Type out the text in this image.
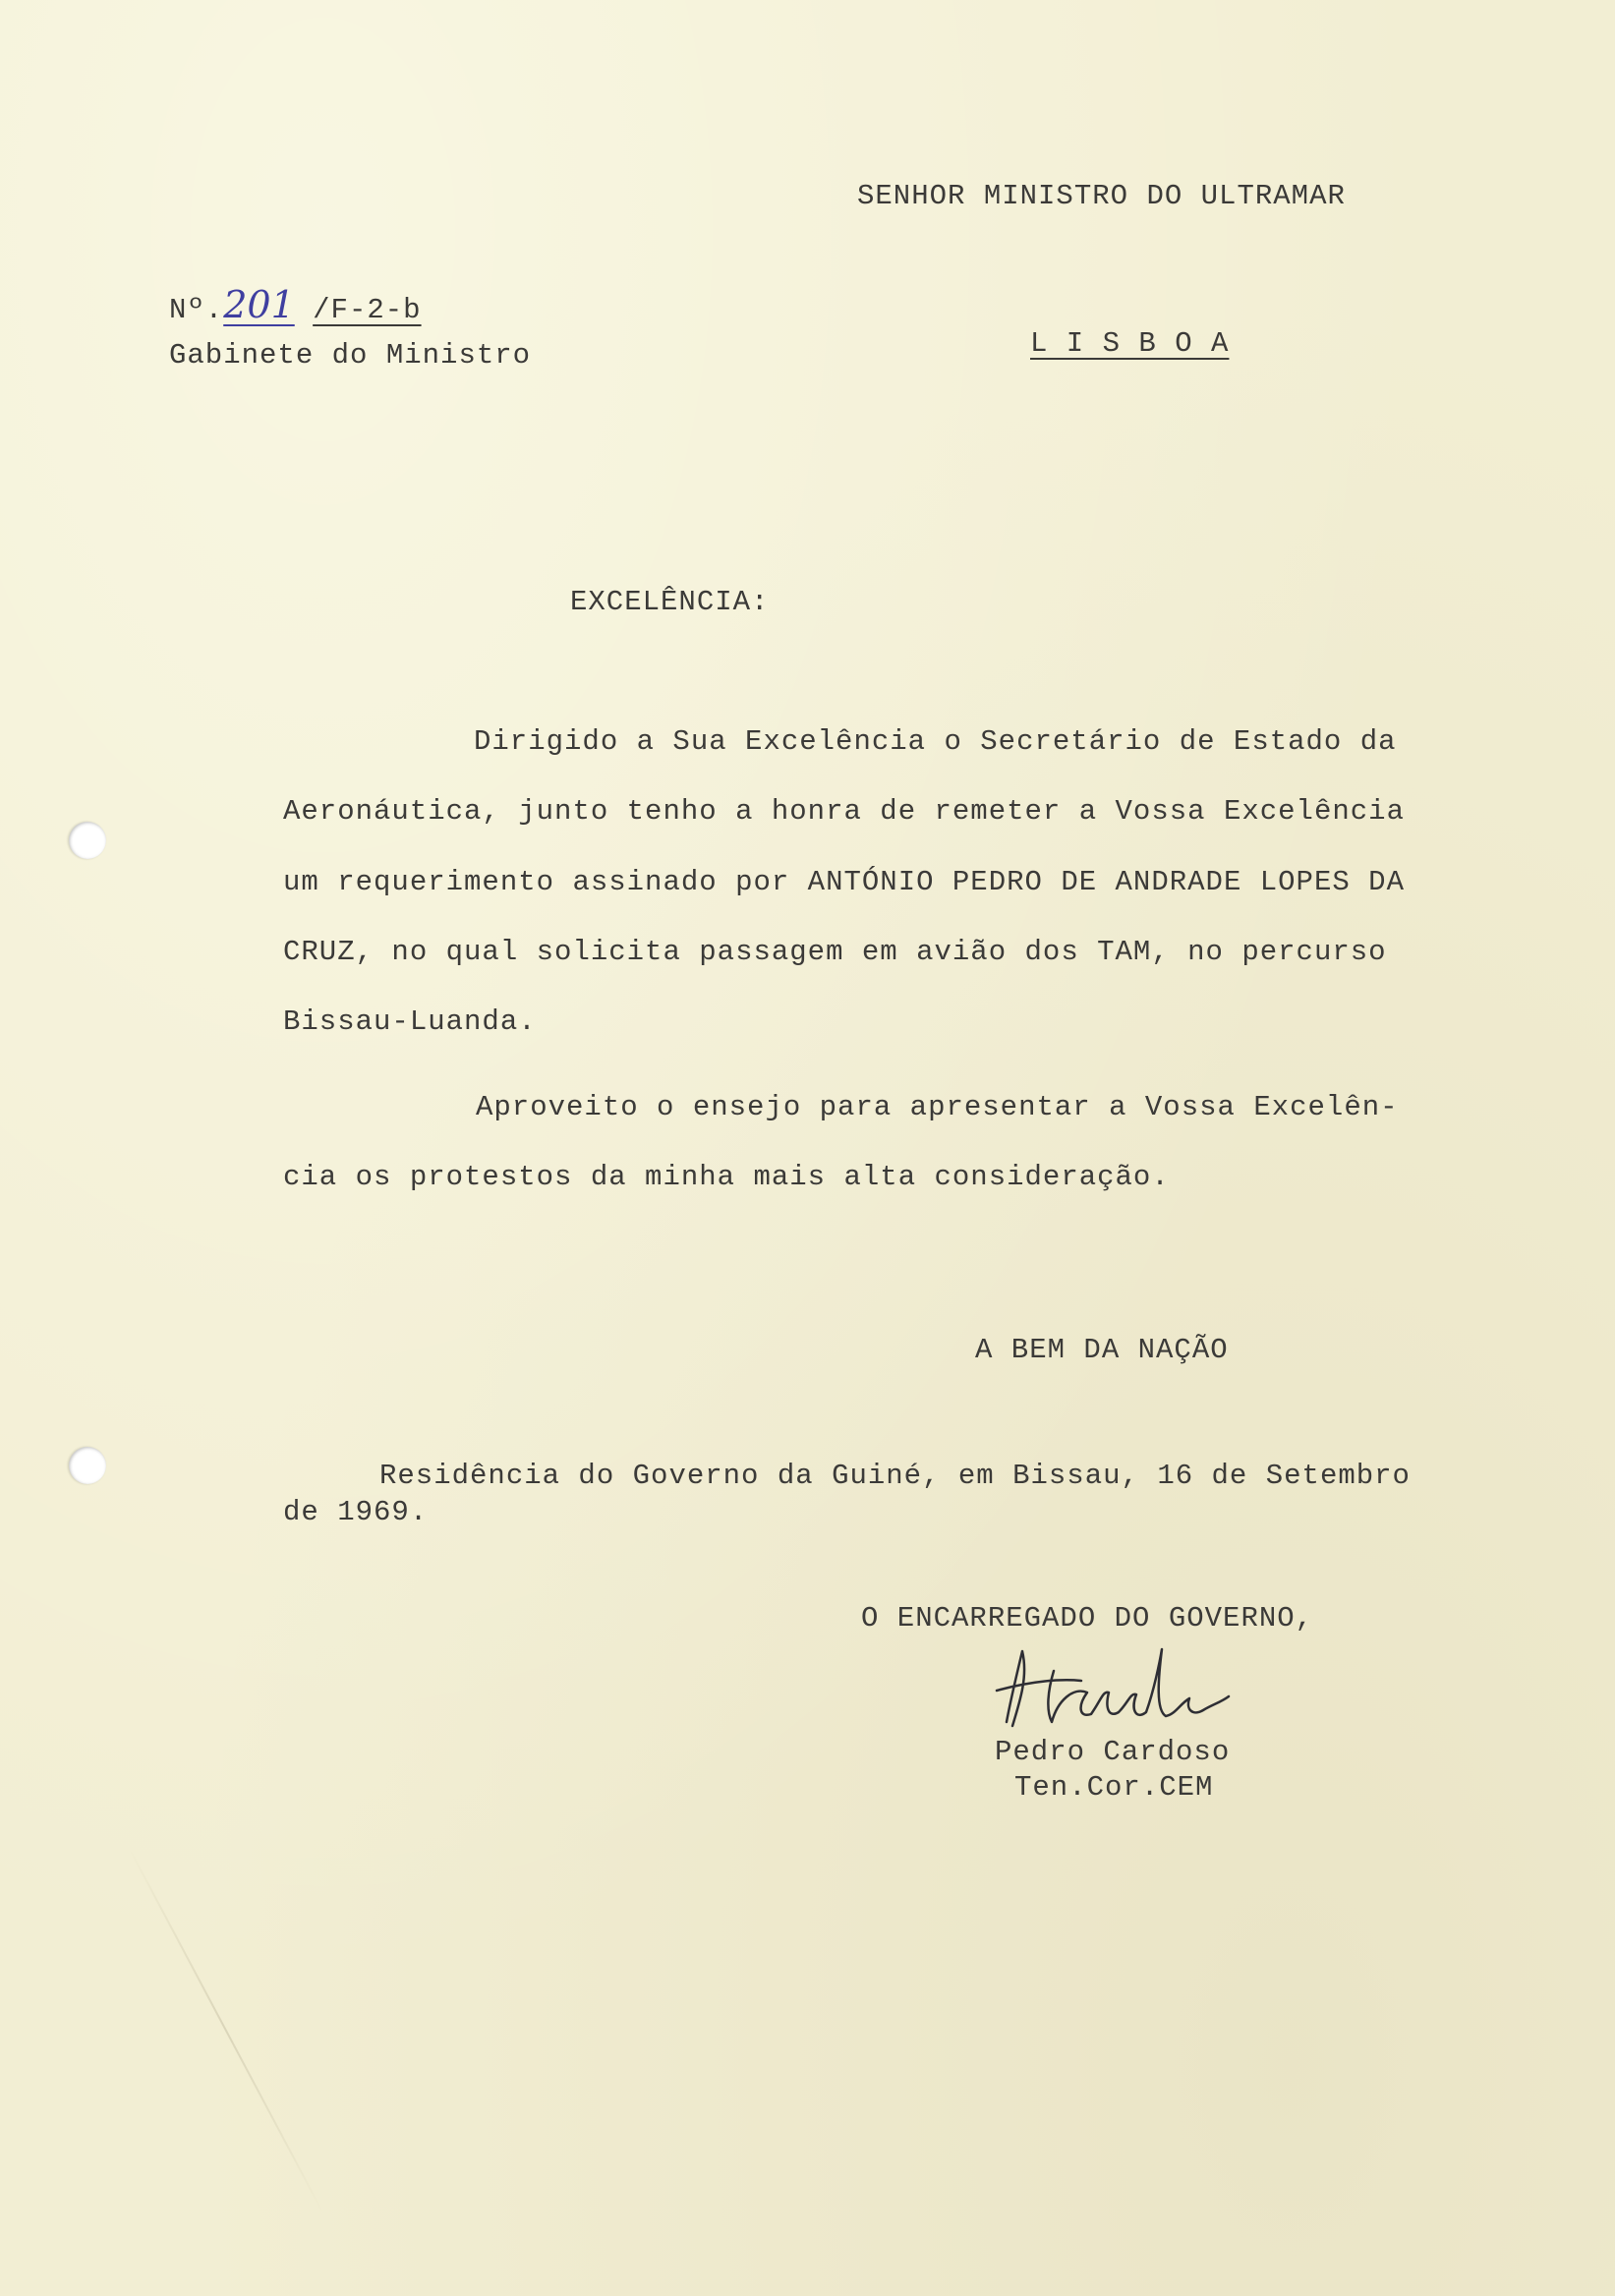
SENHOR MINISTRO DO ULTRAMAR
Nº.201 /F-2-b
Gabinete do Ministro	L I S B O A
EXCELÊNCIA:
Dirigido a Sua Excelência o Secretário de Estado da
Aeronáutica, junto tenho a honra de remeter a Vossa Excelência
um requerimento assinado por ANTÓNIO PEDRO DE ANDRADE LOPES DA
CRUZ, no qual solicita passagem em avião dos TAM, no percurso
Bissau-Luanda.
Aproveito o ensejo para apresentar a Vossa Excelên-
cia os protestos da minha mais alta consideração.
A BEM DA NAÇÃO
Residência do Governo da Guiné, em Bissau, 16 de Setembro
de 1969.
O ENCARREGADO DO GOVERNO,
Pedro Cardoso
Ten.Cor.CEM
